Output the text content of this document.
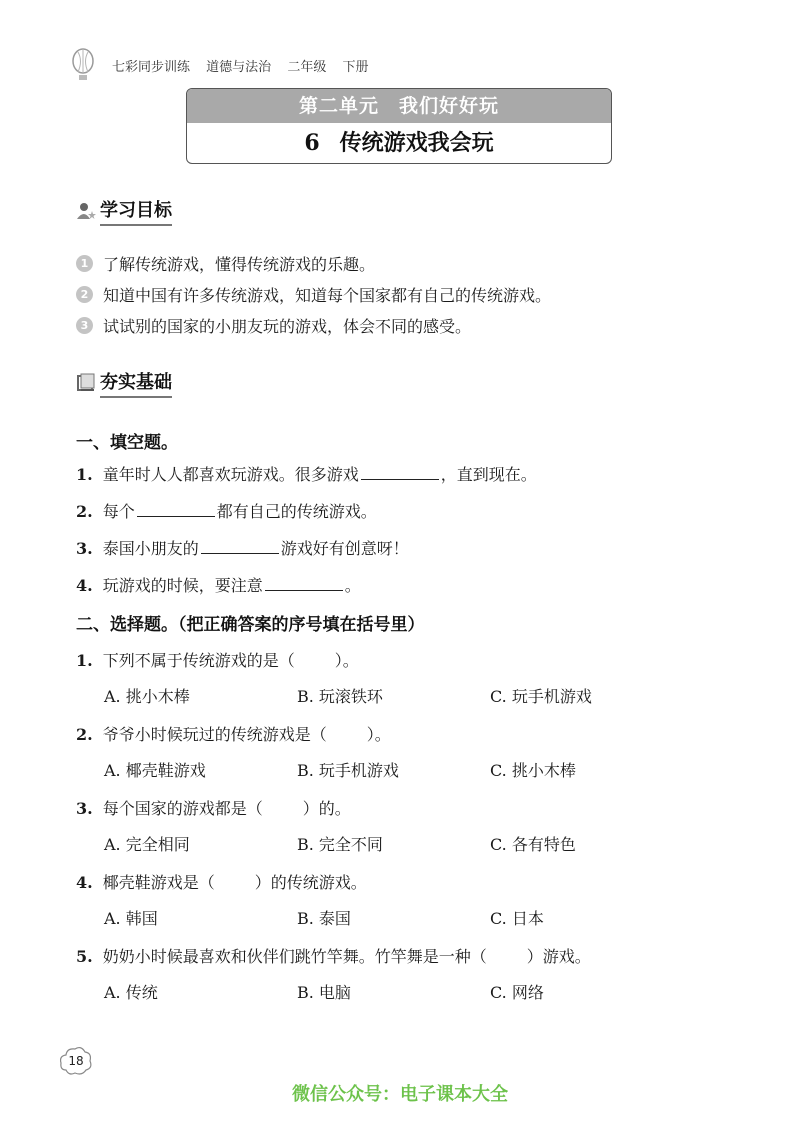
七彩同步训练 道德与法治 二年级 下册
第二单元　我们好好玩
6 传统游戏我会玩
学习目标
1 了解传统游戏，懂得传统游戏的乐趣。
2 知道中国有许多传统游戏，知道每个国家都有自己的传统游戏。
3 试试别的国家的小朋友玩的游戏，体会不同的感受。
夯实基础
一、填空题。
1. 童年时人人都喜欢玩游戏。很多游戏	，直到现在。
2. 每个	都有自己的传统游戏。
3. 泰国小朋友的	游戏好有创意呀！
4. 玩游戏的时候，要注意	。
二、选择题。（把正确答案的序号填在括号里）
1. 下列不属于传统游戏的是（	）。
A. 挑小木棒	B. 玩滚铁环	C. 玩手机游戏
2. 爷爷小时候玩过的传统游戏是（	）。
A. 椰壳鞋游戏	B. 玩手机游戏	C. 挑小木棒
3. 每个国家的游戏都是（	）的。
A. 完全相同	B. 完全不同	C. 各有特色
4. 椰壳鞋游戏是（	）的传统游戏。
A. 韩国	B. 泰国	C. 日本
5. 奶奶小时候最喜欢和伙伴们跳竹竿舞。竹竿舞是一种（	）游戏。
A. 传统	B. 电脑	C. 网络
18
微信公众号：电子课本大全
